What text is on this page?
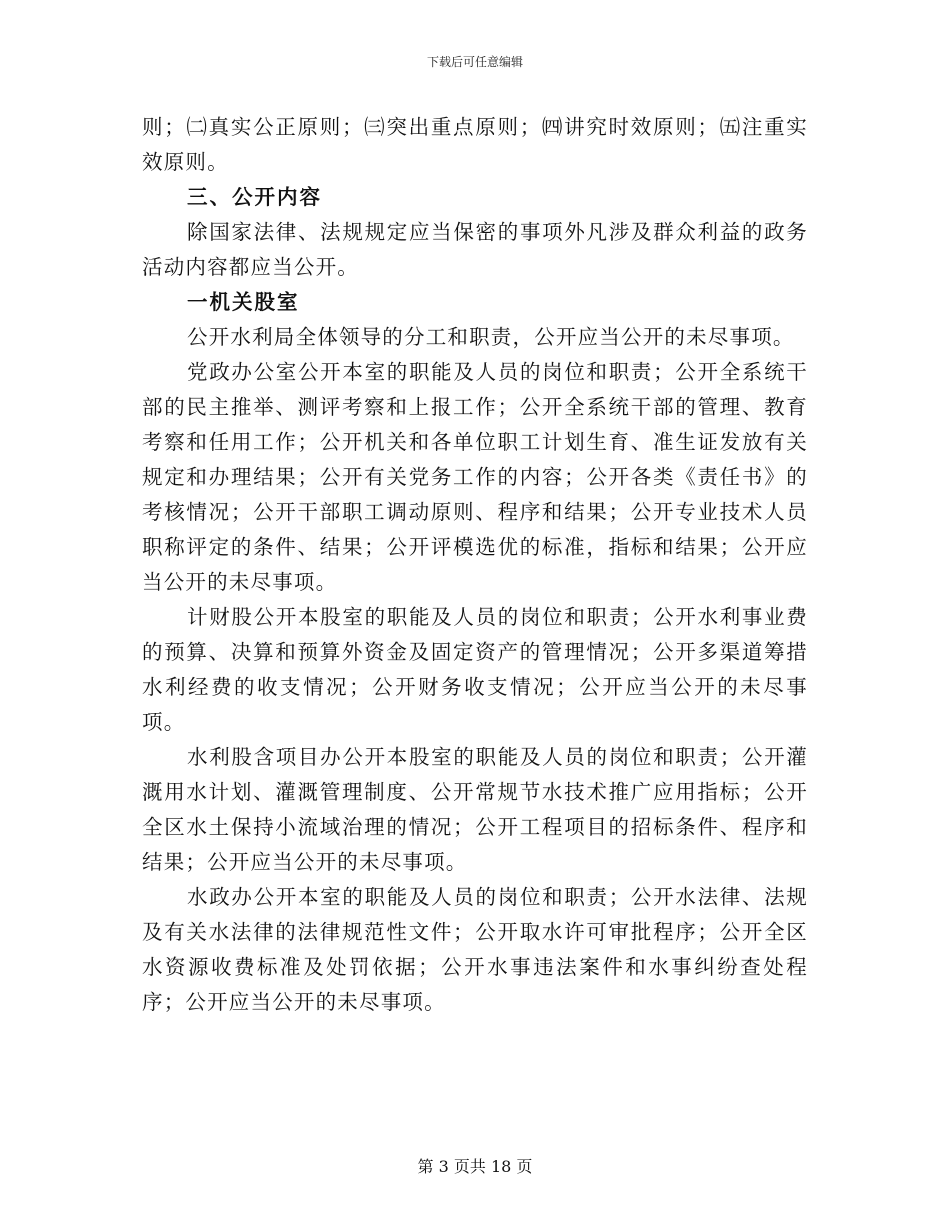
下载后可任意编辑

则；㈡真实公正原则；㈢突出重点原则；㈣讲究时效原则；㈤注重实效原则。

三、公开内容

除国家法律、法规规定应当保密的事项外凡涉及群众利益的政务活动内容都应当公开。

一机关股室

公开水利局全体领导的分工和职责，公开应当公开的未尽事项。

党政办公室公开本室的职能及人员的岗位和职责；公开全系统干部的民主推举、测评考察和上报工作；公开全系统干部的管理、教育考察和任用工作；公开机关和各单位职工计划生育、准生证发放有关规定和办理结果；公开有关党务工作的内容；公开各类《责任书》的考核情况；公开干部职工调动原则、程序和结果；公开专业技术人员职称评定的条件、结果；公开评模选优的标准，指标和结果；公开应当公开的未尽事项。

计财股公开本股室的职能及人员的岗位和职责；公开水利事业费的预算、决算和预算外资金及固定资产的管理情况；公开多渠道筹措水利经费的收支情况；公开财务收支情况；公开应当公开的未尽事项。

水利股含项目办公开本股室的职能及人员的岗位和职责；公开灌溉用水计划、灌溉管理制度、公开常规节水技术推广应用指标；公开全区水土保持小流域治理的情况；公开工程项目的招标条件、程序和结果；公开应当公开的未尽事项。

水政办公开本室的职能及人员的岗位和职责；公开水法律、法规及有关水法律的法律规范性文件；公开取水许可审批程序；公开全区水资源收费标准及处罚依据；公开水事违法案件和水事纠纷查处程序；公开应当公开的未尽事项。

第 3 页共 18 页
